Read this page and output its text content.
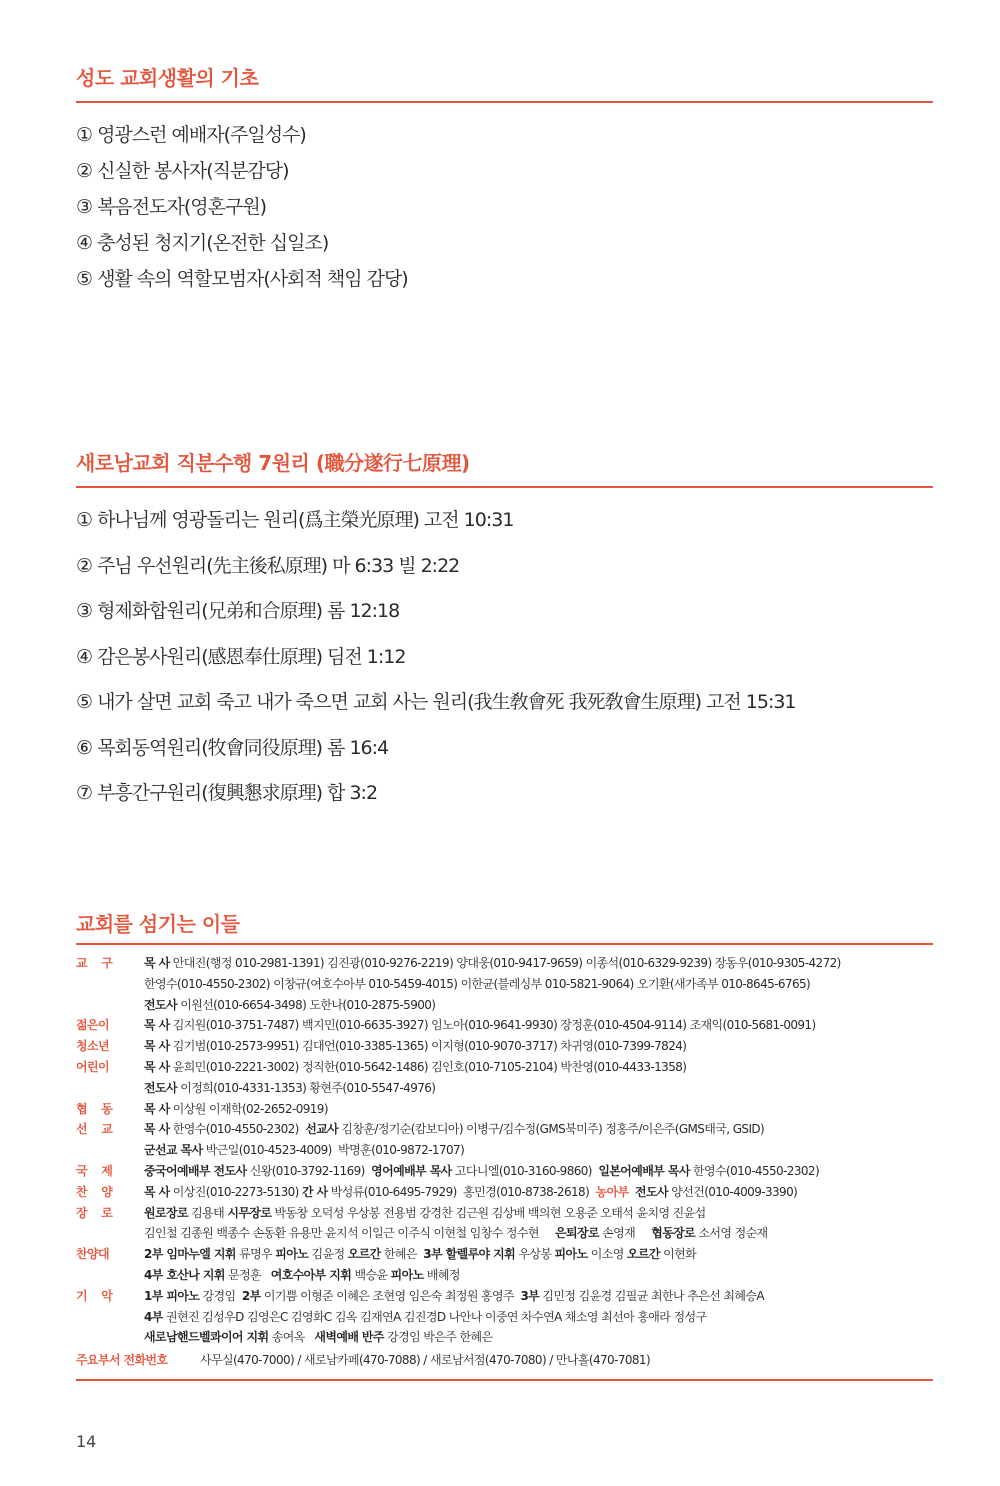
성도 교회생활의 기초
① 영광스런 예배자(주일성수)
② 신실한 봉사자(직분감당)
③ 복음전도자(영혼구원)
④ 충성된 청지기(온전한 십일조)
⑤ 생활 속의 역할모범자(사회적 책임 감당)
새로남교회 직분수행 7원리 (職分遂行七原理)
① 하나님께 영광돌리는 원리(爲主榮光原理) 고전 10:31
② 주님 우선원리(先主後私原理) 마 6:33 빌 2:22
③ 형제화합원리(兄弟和合原理) 롬 12:18
④ 감은봉사원리(感恩奉仕原理) 딤전 1:12
⑤ 내가 살면 교회 죽고 내가 죽으면 교회 사는 원리(我生敎會死 我死敎會生原理) 고전 15:31
⑥ 목회동역원리(牧會同役原理) 롬 16:4
⑦ 부흥간구원리(復興懇求原理) 합 3:2
교회를 섬기는 이들
교    구	목 사 안대진(행정 010-2981-1391) 김진광(010-9276-2219) 양대웅(010-9417-9659) 이종석(010-6329-9239) 장동우(010-9305-4272)
한영수(010-4550-2302) 이창규(여호수아부 010-5459-4015) 이한균(블레싱부 010-5821-9064) 오기환(새가족부 010-8645-6765)
전도사 이원선(010-6654-3498) 도한나(010-2875-5900)
젊은이	목 사 김지원(010-3751-7487) 백지민(010-6635-3927) 임노아(010-9641-9930) 장정훈(010-4504-9114) 조재익(010-5681-0091)
청소년	목 사 김기범(010-2573-9951) 김대언(010-3385-1365) 이지형(010-9070-3717) 차귀영(010-7399-7824)
어린이	목 사 윤희민(010-2221-3002) 정직한(010-5642-1486) 김인호(010-7105-2104) 박찬영(010-4433-1358)
전도사 이정희(010-4331-1353) 황현주(010-5547-4976)
협    동	목 사 이상원 이재학(02-2652-0919)
선    교	목 사 한영수(010-4550-2302)  선교사 김창훈/정기순(캄보디아) 이병구/김수정(GMS북미주) 정홍주/이은주(GMS태국, GSID)
군선교 목사 박근일(010-4523-4009)  박명훈(010-9872-1707)
국    제	중국어예배부 전도사 신왕(010-3792-1169)  영어예배부 목사 고다니엘(010-3160-9860)  일본어예배부 목사 한영수(010-4550-2302)
찬    양	목 사 이상진(010-2273-5130) 간 사 박성류(010-6495-7929)  홍민경(010-8738-2618)  농아부 전도사 양선건(010-4009-3390)
장    로	원로장로 김용태 시무장로 박동창 오덕성 우상봉 전용범 강경찬 김근원 김상배 백의현 오용준 오태석 윤치영 진윤섭
김인철 김종원 백종수 손동환 유용만 윤지석 이일근 이주식 이현철 임창수 정수현     은퇴장로 손영재     협동장로 소서영 정순재
찬양대	2부 임마누엘 지휘 류명우 피아노 김윤정 오르간 한혜은  3부 할렐루야 지휘 우상봉 피아노 이소영 오르간 이현화
4부 호산나 지휘 문정훈   여호수아부 지휘 백승윤 피아노 배혜정
기    악	1부 피아노 강경임  2부 이기쁨 이형준 이혜은 조현영 임은숙 최정원 홍영주  3부 김민정 김윤경 김필균 최한나 추은선 최혜승A
4부 권현진 김성우D 김영은C 김영화C 김옥 김재연A 김진경D 나안나 이중연 차수연A 채소영 최선아 홍애라 정성구
새로남핸드벨콰이어 지휘 송여옥   새벽예배 반주 강경임 박은주 한혜은
주요부서 전화번호	사무실(470-7000) / 새로남카페(470-7088) / 새로남서점(470-7080) / 만나홀(470-7081)
14
